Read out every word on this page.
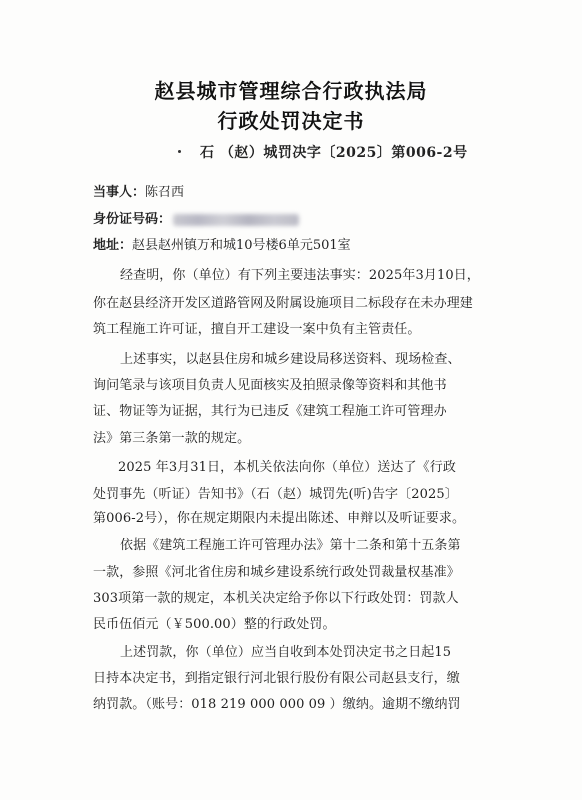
赵县城市管理综合行政执法局
行政处罚决定书
石 （赵）城罚决字〔2025〕第006-2号
当事人：陈召西
身份证号码：
地址：赵县赵州镇万和城10号楼6单元501室
经查明，你（单位）有下列主要违法事实：2025年3月10日，
你在赵县经济开发区道路管网及附属设施项目二标段存在未办理建
筑工程施工许可证，擅自开工建设一案中负有主管责任。
上述事实，以赵县住房和城乡建设局移送资料、现场检查、
询问笔录与该项目负责人见面核实及拍照录像等资料和其他书
证、物证等为证据，其行为已违反《建筑工程施工许可管理办
法》第三条第一款的规定。
2025 年3月31日，本机关依法向你（单位）送达了《行政
处罚事先（听证）告知书》（石（赵）城罚先(听)告字〔2025〕
第006-2号），你在规定期限内未提出陈述、申辩以及听证要求。
依据《建筑工程施工许可管理办法》第十二条和第十五条第
一款，参照《河北省住房和城乡建设系统行政处罚裁量权基准》
303项第一款的规定，本机关决定给予你以下行政处罚：罚款人
民币伍佰元（￥500.00）整的行政处罚。
上述罚款，你（单位）应当自收到本处罚决定书之日起15
日持本决定书，到指定银行河北银行股份有限公司赵县支行，缴
纳罚款。（账号：018 219 000 000 09 ）缴纳。逾期不缴纳罚
